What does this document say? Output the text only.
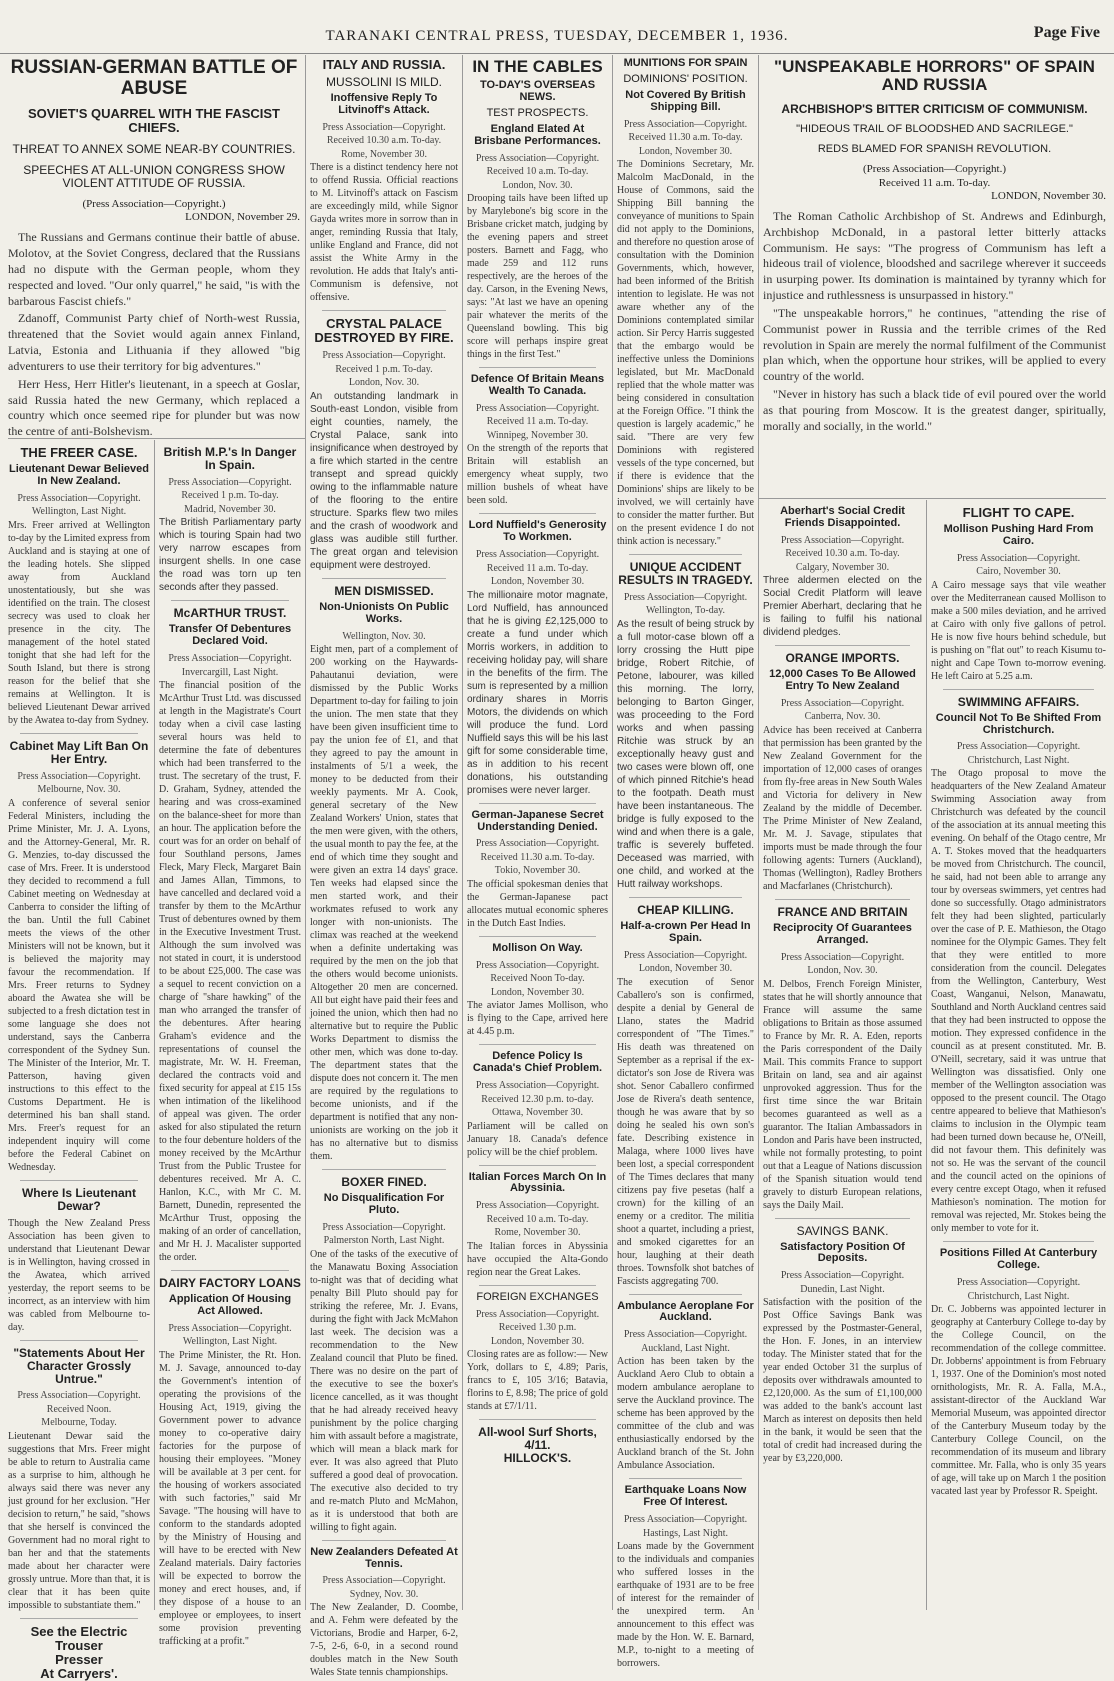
TARANAKI CENTRAL PRESS, TUESDAY, DECEMBER 1, 1936.	Page Five
RUSSIAN-GERMAN BATTLE OF ABUSE
SOVIET'S QUARREL WITH THE FASCIST CHIEFS.
THREAT TO ANNEX SOME NEAR-BY COUNTRIES.
SPEECHES AT ALL-UNION CONGRESS SHOW VIOLENT ATTITUDE OF RUSSIA.
(Press Association—Copyright.)
LONDON, November 29.

The Russians and Germans continue their battle of abuse. Molotov, at the Soviet Congress, declared that the Russians had no dispute with the German people, whom they respected and loved. "Our only quarrel," he said, "is with the barbarous Fascist chiefs."

Zdanoff, Communist Party chief of North-west Russia, threatened that the Soviet would again annex Finland, Latvia, Estonia and Lithuania if they allowed "big adventurers to use their territory for big adventures."

Herr Hess, Herr Hitler's lieutenant, in a speech at Goslar, said Russia hated the new Germany, which replaced a country which once seemed ripe for plunder but was now the centre of anti-Bolshevism.

THE FREER CASE.
Lieutenant Dewar Believed In New Zealand.
Press Association—Copyright.
Wellington, Last Night.
Mrs. Freer arrived at Wellington to-day by the Limited express from Auckland and is staying at one of the leading hotels. She slipped away from Auckland unostentatiously, but she was identified on the train. The closest secrecy was used to cloak her presence in the city. The management of the hotel stated tonight that she had left for the South Island, but there is strong reason for the belief that she remains at Wellington. It is believed Lieutenant Dewar arrived by the Awatea to-day from Sydney.
Cabinet May Lift Ban On Her Entry.
Press Association—Copyright.
Melbourne, Nov. 30.
A conference of several senior Federal Ministers, including the Prime Minister, Mr. J. A. Lyons, and the Attorney-General, Mr. R. G. Menzies, to-day discussed the case of Mrs. Freer. It is understood they decided to recommend a full Cabinet meeting on Wednesday at Canberra to consider the lifting of the ban. Until the full Cabinet meets the views of the other Ministers will not be known, but it is believed the majority may favour the recommendation. If Mrs. Freer returns to Sydney aboard the Awatea she will be subjected to a fresh dictation test in some language she does not understand, says the Canberra correspondent of the Sydney Sun. The Minister of the Interior, Mr. T. Patterson, having given instructions to this effect to the Customs Department. He is determined his ban shall stand. Mrs. Freer's request for an independent inquiry will come before the Federal Cabinet on Wednesday.
Where Is Lieutenant Dewar?
Though the New Zealand Press Association has been given to understand that Lieutenant Dewar is in Wellington, having crossed in the Awatea, which arrived yesterday, the report seems to be incorrect, as an interview with him was cabled from Melbourne to-day.
"Statements About Her Character Grossly Untrue."
Press Association—Copyright.
Received Noon.
Melbourne, Today.
Lieutenant Dewar said the suggestions that Mrs. Freer might be able to return to Australia came as a surprise to him, although he always said there was never any just ground for her exclusion. "Her decision to return," he said, "shows that she herself is convinced the Government had no moral right to ban her and that the statements made about her character were grossly untrue. More than that, it is clear that it has been quite impossible to substantiate them."
See the Electric Trouser
Presser
At Carryers'.
British M.P.'s In Danger In Spain.
Press Association—Copyright.
Received 1 p.m. To-day.
Madrid, November 30.
The British Parliamentary party which is touring Spain had two very narrow escapes from insurgent shells. In one case the road was torn up ten seconds after they passed.
McARTHUR TRUST.
Transfer Of Debentures Declared Void.
Press Association—Copyright.
Invercargill, Last Night.
The financial position of the McArthur Trust Ltd. was discussed at length in the Magistrate's Court today when a civil case lasting several hours was held to determine the fate of debentures which had been transferred to the trust. The secretary of the trust, F. D. Graham, Sydney, attended the hearing and was cross-examined on the balance-sheet for more than an hour. The application before the court was for an order on behalf of four Southland persons, James Fleck, Mary Fleck, Margaret Bain and James Allan, Timmons, to have cancelled and declared void a transfer by them to the McArthur Trust of debentures owned by them in the Executive Investment Trust. Although the sum involved was not stated in court, it is understood to be about £25,000. The case was a sequel to recent conviction on a charge of "share hawking" of the man who arranged the transfer of the debentures. After hearing Graham's evidence and the representations of counsel the magistrate, Mr. W. H. Freeman, declared the contracts void and fixed security for appeal at £15 15s when intimation of the likelihood of appeal was given. The order asked for also stipulated the return to the four debenture holders of the money received by the McArthur Trust from the Public Trustee for debentures received. Mr A. C. Hanlon, K.C., with Mr C. M. Barnett, Dunedin, represented the McArthur Trust, opposing the making of an order of cancellation, and Mr H. J. Macalister supported the order.
DAIRY FACTORY LOANS
Application Of Housing Act Allowed.
Press Association—Copyright.
Wellington, Last Night.
The Prime Minister, the Rt. Hon. M. J. Savage, announced to-day the Government's intention of operating the provisions of the Housing Act, 1919, giving the Government power to advance money to co-operative dairy factories for the purpose of housing their employees. "Money will be available at 3 per cent. for the housing of workers associated with such factories," said Mr Savage. "The housing will have to conform to the standards adopted by the Ministry of Housing and will have to be erected with New Zealand materials. Dairy factories will be expected to borrow the money and erect houses, and, if they dispose of a house to an employee or employees, to insert some provision preventing trafficking at a profit."
ITALY AND RUSSIA.
MUSSOLINI IS MILD.
Inoffensive Reply To Litvinoff's Attack.
Press Association—Copyright.
Received 10.30 a.m. To-day.
Rome, November 30.
There is a distinct tendency here not to offend Russia. Official reactions to M. Litvinoff's attack on Fascism are exceedingly mild, while Signor Gayda writes more in sorrow than in anger, reminding Russia that Italy, unlike England and France, did not assist the White Army in the revolution. He adds that Italy's anti-Communism is defensive, not offensive.
CRYSTAL PALACE DESTROYED BY FIRE.
Press Association—Copyright.
Received 1 p.m. To-day.
London, Nov. 30.
An outstanding landmark in South-east London, visible from eight counties, namely, the Crystal Palace, sank into insignificance when destroyed by a fire which started in the centre transept and spread quickly owing to the inflammable nature of the flooring to the entire structure. Sparks flew two miles and the crash of woodwork and glass was audible still further. The great organ and television equipment were destroyed.
MEN DISMISSED.
Non-Unionists On Public Works.
Wellington, Nov. 30.
Eight men, part of a complement of 200 working on the Haywards-Pahautanui deviation, were dismissed by the Public Works Department to-day for failing to join the union. The men state that they have been given insufficient time to pay the union fee of £1, and that they agreed to pay the amount in instalments of 5/1 a week, the money to be deducted from their weekly payments. Mr A. Cook, general secretary of the New Zealand Workers' Union, states that the men were given, with the others, the usual month to pay the fee, at the end of which time they sought and were given an extra 14 days' grace. Ten weeks had elapsed since the men started work, and their workmates refused to work any longer with non-unionists. The climax was reached at the weekend when a definite undertaking was required by the men on the job that the others would become unionists. Altogether 20 men are concerned. All but eight have paid their fees and joined the union, which then had no alternative but to require the Public Works Department to dismiss the other men, which was done to-day. The department states that the dispute does not concern it. The men are required by the regulations to become unionists, and if the department is notified that any non-unionists are working on the job it has no alternative but to dismiss them.
BOXER FINED.
No Disqualification For Pluto.
Press Association—Copyright.
Palmerston North, Last Night.
One of the tasks of the executive of the Manawatu Boxing Association to-night was that of deciding what penalty Bill Pluto should pay for striking the referee, Mr. J. Evans, during the fight with Jack McMahon last week. The decision was a recommendation to the New Zealand council that Pluto be fined. There was no desire on the part of the executive to see the boxer's licence cancelled, as it was thought that he had already received heavy punishment by the police charging him with assault before a magistrate, which will mean a black mark for ever. It was also agreed that Pluto suffered a good deal of provocation. The executive also decided to try and re-match Pluto and McMahon, as it is understood that both are willing to fight again.
New Zealanders Defeated At Tennis.
Press Association—Copyright.
Sydney, Nov. 30.
The New Zealander, D. Coombe, and A. Fehm were defeated by the Victorians, Brodie and Harper, 6-2, 7-5, 2-6, 6-0, in a second round doubles match in the New South Wales State tennis championships.
IN THE CABLES
TO-DAY'S OVERSEAS NEWS.
TEST PROSPECTS.
England Elated At Brisbane Performances.
Press Association—Copyright.
Received 10 a.m. To-day.
London, Nov. 30.
Drooping tails have been lifted up by Marylebone's big score in the Brisbane cricket match, judging by the evening papers and street posters. Barnett and Fagg, who made 259 and 112 runs respectively, are the heroes of the day. Carson, in the Evening News, says: "At last we have an opening pair whatever the merits of the Queensland bowling. This big score will perhaps inspire great things in the first Test."
Defence Of Britain Means Wealth To Canada.
Press Association—Copyright.
Received 11 a.m. To-day.
Winnipeg, November 30.
On the strength of the reports that Britain will establish an emergency wheat supply, two million bushels of wheat have been sold.
Lord Nuffield's Generosity To Workmen.
Press Association—Copyright.
Received 11 a.m. To-day.
London, November 30.
The millionaire motor magnate, Lord Nuffield, has announced that he is giving £2,125,000 to create a fund under which Morris workers, in addition to receiving holiday pay, will share in the benefits of the firm. The sum is represented by a million ordinary shares in Morris Motors, the dividends on which will produce the fund. Lord Nuffield says this will be his last gift for some considerable time, as in addition to his recent donations, his outstanding promises were never larger.
German-Japanese Secret Understanding Denied.
Press Association—Copyright.
Received 11.30 a.m. To-day.
Tokio, November 30.
The official spokesman denies that the German-Japanese pact allocates mutual economic spheres in the Dutch East Indies.
Mollison On Way.
Press Association—Copyright.
Received Noon To-day.
London, November 30.
The aviator James Mollison, who is flying to the Cape, arrived here at 4.45 p.m.
Defence Policy Is Canada's Chief Problem.
Press Association—Copyright.
Received 12.30 p.m. to-day.
Ottawa, November 30.
Parliament will be called on January 18. Canada's defence policy will be the chief problem.
Italian Forces March On In Abyssinia.
Press Association—Copyright.
Received 10 a.m. To-day.
Rome, November 30.
The Italian forces in Abyssinia have occupied the Alta-Gondo region near the Great Lakes.
FOREIGN EXCHANGES
Press Association—Copyright.
Received 1.30 p.m.
London, November 30.
Closing rates are as follow:— New York, dollars to £, 4.89; Paris, francs to £, 105 3/16; Batavia, florins to £, 8.98; The price of gold stands at £7/1/11.
All-wool Surf Shorts,
4/11.
HILLOCK'S.
MUNITIONS FOR SPAIN
DOMINIONS' POSITION.
Not Covered By British Shipping Bill.
Press Association—Copyright.
Received 11.30 a.m. To-day.
London, November 30.
The Dominions Secretary, Mr. Malcolm MacDonald, in the House of Commons, said the Shipping Bill banning the conveyance of munitions to Spain did not apply to the Dominions, and therefore no question arose of consultation with the Dominion Governments, which, however, had been informed of the British intention to legislate. He was not aware whether any of the Dominions contemplated similar action. Sir Percy Harris suggested that the embargo would be ineffective unless the Dominions legislated, but Mr. MacDonald replied that the whole matter was being considered in consultation at the Foreign Office. "I think the question is largely academic," he said. "There are very few Dominions with registered vessels of the type concerned, but if there is evidence that the Dominions' ships are likely to be involved, we will certainly have to consider the matter further. But on the present evidence I do not think action is necessary."
UNIQUE ACCIDENT RESULTS IN TRAGEDY.
Press Association—Copyright.
Wellington, To-day.
As the result of being struck by a full motor-case blown off a lorry crossing the Hutt pipe bridge, Robert Ritchie, of Petone, labourer, was killed this morning. The lorry, belonging to Barton Ginger, was proceeding to the Ford works and when passing Ritchie was struck by an exceptionally heavy gust and two cases were blown off, one of which pinned Ritchie's head to the footpath. Death must have been instantaneous. The bridge is fully exposed to the wind and when there is a gale, traffic is severely buffeted. Deceased was married, with one child, and worked at the Hutt railway workshops.
CHEAP KILLING.
Half-a-crown Per Head In Spain.
Press Association—Copyright.
London, November 30.
The execution of Senor Caballero's son is confirmed, despite a denial by General de Llano, states the Madrid correspondent of "The Times." His death was threatened on September as a reprisal if the ex-dictator's son Jose de Rivera was shot. Senor Caballero confirmed Jose de Rivera's death sentence, though he was aware that by so doing he sealed his own son's fate. Describing existence in Malaga, where 1000 lives have been lost, a special correspondent of The Times declares that many citizens pay five pesetas (half a crown) for the killing of an enemy or a creditor. The militia shoot a quartet, including a priest, and smoked cigarettes for an hour, laughing at their death throes. Townsfolk shot batches of Fascists aggregating 700.
Ambulance Aeroplane For Auckland.
Press Association—Copyright.
Auckland, Last Night.
Action has been taken by the Auckland Aero Club to obtain a modern ambulance aeroplane to serve the Auckland province. The scheme has been approved by the committee of the club and was enthusiastically endorsed by the Auckland branch of the St. John Ambulance Association.
Earthquake Loans Now Free Of Interest.
Press Association—Copyright.
Hastings, Last Night.
Loans made by the Government to the individuals and companies who suffered losses in the earthquake of 1931 are to be free of interest for the remainder of the unexpired term. An announcement to this effect was made by the Hon. W. E. Barnard, M.P., to-night to a meeting of borrowers.
"UNSPEAKABLE HORRORS" OF SPAIN AND RUSSIA
ARCHBISHOP'S BITTER CRITICISM OF COMMUNISM.
"HIDEOUS TRAIL OF BLOODSHED AND SACRILEGE."
REDS BLAMED FOR SPANISH REVOLUTION.
(Press Association—Copyright.)
Received 11 a.m. To-day.
LONDON, November 30.

The Roman Catholic Archbishop of St. Andrews and Edinburgh, Archbishop McDonald, in a pastoral letter bitterly attacks Communism. He says: "The progress of Communism has left a hideous trail of violence, bloodshed and sacrilege wherever it succeeds in usurping power. Its domination is maintained by tyranny which for injustice and ruthlessness is unsurpassed in history."

"The unspeakable horrors," he continues, "attending the rise of Communist power in Russia and the terrible crimes of the Red revolution in Spain are merely the normal fulfilment of the Communist plan which, when the opportune hour strikes, will be applied to every country of the world.

"Never in history has such a black tide of evil poured over the world as that pouring from Moscow. It is the greatest danger, spiritually, morally and socially, in the world."

Aberhart's Social Credit Friends Disappointed.
Press Association—Copyright.
Received 10.30 a.m. To-day.
Calgary, November 30.
Three aldermen elected on the Social Credit Platform will leave Premier Aberhart, declaring that he is failing to fulfil his national dividend pledges.
ORANGE IMPORTS.
12,000 Cases To Be Allowed Entry To New Zealand
Press Association—Copyright.
Canberra, Nov. 30.
Advice has been received at Canberra that permission has been granted by the New Zealand Government for the importation of 12,000 cases of oranges from fly-free areas in New South Wales and Victoria for delivery in New Zealand by the middle of December. The Prime Minister of New Zealand, Mr. M. J. Savage, stipulates that imports must be made through the four following agents: Turners (Auckland), Thomas (Wellington), Radley Brothers and Macfarlanes (Christchurch).
FRANCE AND BRITAIN
Reciprocity Of Guarantees Arranged.
Press Association—Copyright.
London, Nov. 30.
M. Delbos, French Foreign Minister, states that he will shortly announce that France will assume the same obligations to Britain as those assumed to France by Mr. R. A. Eden, reports the Paris correspondent of the Daily Mail. This commits France to support Britain on land, sea and air against unprovoked aggression. Thus for the first time since the war Britain becomes guaranteed as well as a guarantor. The Italian Ambassadors in London and Paris have been instructed, while not formally protesting, to point out that a League of Nations discussion of the Spanish situation would tend gravely to disturb European relations, says the Daily Mail.
SAVINGS BANK.
Satisfactory Position Of Deposits.
Press Association—Copyright.
Dunedin, Last Night.
Satisfaction with the position of the Post Office Savings Bank was expressed by the Postmaster-General, the Hon. F. Jones, in an interview today. The Minister stated that for the year ended October 31 the surplus of deposits over withdrawals amounted to £2,120,000. As the sum of £1,100,000 was added to the bank's account last March as interest on deposits then held in the bank, it would be seen that the total of credit had increased during the year by £3,220,000.
FLIGHT TO CAPE.
Mollison Pushing Hard From Cairo.
Press Association—Copyright.
Cairo, November 30.
A Cairo message says that vile weather over the Mediterranean caused Mollison to make a 500 miles deviation, and he arrived at Cairo with only five gallons of petrol. He is now five hours behind schedule, but is pushing on "flat out" to reach Kisumu to-night and Cape Town to-morrow evening. He left Cairo at 5.25 a.m.
SWIMMING AFFAIRS.
Council Not To Be Shifted From Christchurch.
Press Association—Copyright.
Christchurch, Last Night.
The Otago proposal to move the headquarters of the New Zealand Amateur Swimming Association away from Christchurch was defeated by the council of the association at its annual meeting this evening. On behalf of the Otago centre, Mr A. T. Stokes moved that the headquarters be moved from Christchurch. The council, he said, had not been able to arrange any tour by overseas swimmers, yet centres had done so successfully. Otago administrators felt they had been slighted, particularly over the case of P. E. Mathieson, the Otago nominee for the Olympic Games. They felt that they were entitled to more consideration from the council. Delegates from the Wellington, Canterbury, West Coast, Wanganui, Nelson, Manawatu, Southland and North Auckland centres said that they had been instructed to oppose the motion. They expressed confidence in the council as at present constituted. Mr. B. O'Neill, secretary, said it was untrue that Wellington was dissatisfied. Only one member of the Wellington association was opposed to the present council. The Otago centre appeared to believe that Mathieson's claims to inclusion in the Olympic team had been turned down because he, O'Neill, did not favour them. This definitely was not so. He was the servant of the council and the council acted on the opinions of every centre except Otago, when it refused Mathieson's nomination. The motion for removal was rejected, Mr. Stokes being the only member to vote for it.
Positions Filled At Canterbury College.
Press Association—Copyright.
Christchurch, Last Night.
Dr. C. Jobberns was appointed lecturer in geography at Canterbury College to-day by the College Council, on the recommendation of the college committee. Dr. Jobberns' appointment is from February 1, 1937. One of the Dominion's most noted ornithologists, Mr. R. A. Falla, M.A., assistant-director of the Auckland War Memorial Museum, was appointed director of the Canterbury Museum today by the Canterbury College Council, on the recommendation of its museum and library committee. Mr. Falla, who is only 35 years of age, will take up on March 1 the position vacated last year by Professor R. Speight.
